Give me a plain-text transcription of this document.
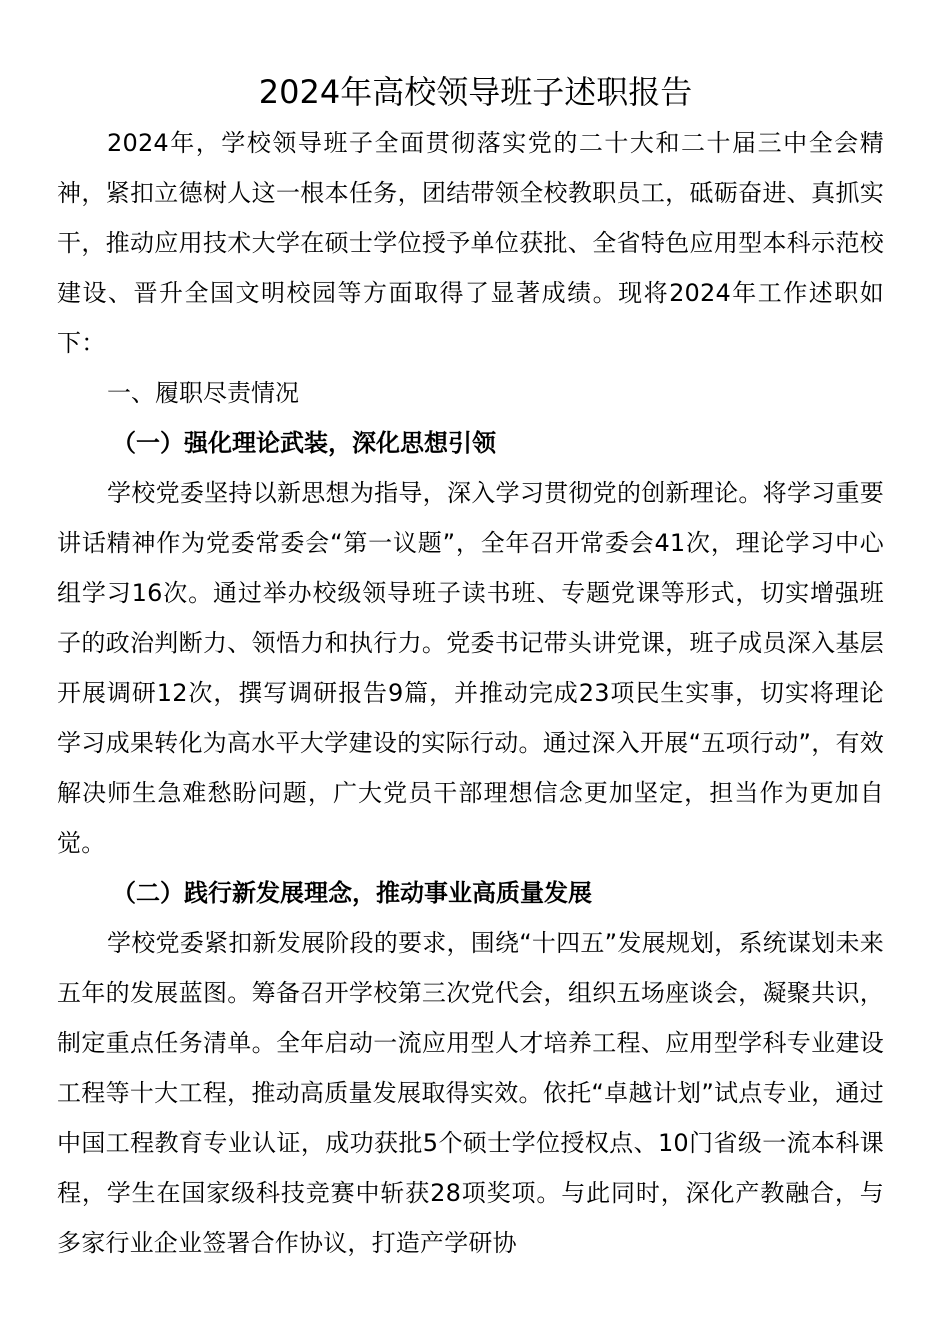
2024年高校领导班子述职报告

2024年，学校领导班子全面贯彻落实党的二十大和二十届三中全会精神，紧扣立德树人这一根本任务，团结带领全校教职员工，砥砺奋进、真抓实干，推动应用技术大学在硕士学位授予单位获批、全省特色应用型本科示范校建设、晋升全国文明校园等方面取得了显著成绩。现将2024年工作述职如下：

一、履职尽责情况

（一）强化理论武装，深化思想引领

学校党委坚持以新思想为指导，深入学习贯彻党的创新理论。将学习重要讲话精神作为党委常委会“第一议题”，全年召开常委会41次，理论学习中心组学习16次。通过举办校级领导班子读书班、专题党课等形式，切实增强班子的政治判断力、领悟力和执行力。党委书记带头讲党课，班子成员深入基层开展调研12次，撰写调研报告9篇，并推动完成23项民生实事，切实将理论学习成果转化为高水平大学建设的实际行动。通过深入开展“五项行动”，有效解决师生急难愁盼问题，广大党员干部理想信念更加坚定，担当作为更加自觉。

（二）践行新发展理念，推动事业高质量发展

学校党委紧扣新发展阶段的要求，围绕“十四五”发展规划，系统谋划未来五年的发展蓝图。筹备召开学校第三次党代会，组织五场座谈会，凝聚共识，制定重点任务清单。全年启动一流应用型人才培养工程、应用型学科专业建设工程等十大工程，推动高质量发展取得实效。依托“卓越计划”试点专业，通过中国工程教育专业认证，成功获批5个硕士学位授权点、10门省级一流本科课程，学生在国家级科技竞赛中斩获28项奖项。与此同时，深化产教融合，与多家行业企业签署合作协议，打造产学研协
